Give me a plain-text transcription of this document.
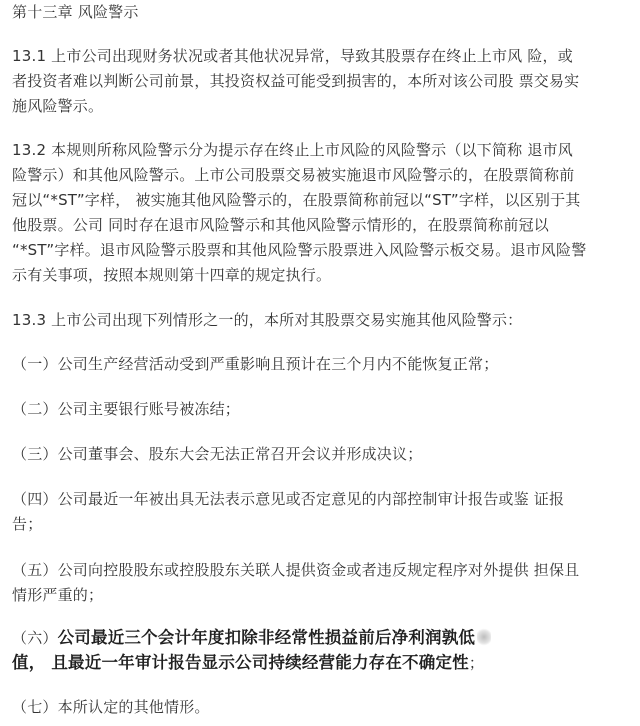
第十三章 风险警示
13.1 上市公司出现财务状况或者其他状况异常，导致其股票存在终止上市风 险，或
者投资者难以判断公司前景，其投资权益可能受到损害的，本所对该公司股 票交易实
施风险警示。
13.2 本规则所称风险警示分为提示存在终止上市风险的风险警示（以下简称 退市风
险警示）和其他风险警示。上市公司股票交易被实施退市风险警示的，在股票简称前
冠以“*ST”字样， 被实施其他风险警示的，在股票简称前冠以“ST”字样，以区别于其
他股票。公司 同时存在退市风险警示和其他风险警示情形的，在股票简称前冠以
“*ST”字样。退市风险警示股票和其他风险警示股票进入风险警示板交易。退市风险警
示有关事项，按照本规则第十四章的规定执行。
13.3 上市公司出现下列情形之一的，本所对其股票交易实施其他风险警示：
（一）公司生产经营活动受到严重影响且预计在三个月内不能恢复正常；
（二）公司主要银行账号被冻结；
（三）公司董事会、股东大会无法正常召开会议并形成决议；
（四）公司最近一年被出具无法表示意见或否定意见的内部控制审计报告或鉴 证报
告；
（五）公司向控股股东或控股股东关联人提供资金或者违反规定程序对外提供 担保且
情形严重的；
（六）公司最近三个会计年度扣除非经常性损益前后净利润孰低
值， 且最近一年审计报告显示公司持续经营能力存在不确定性；
（七）本所认定的其他情形。
